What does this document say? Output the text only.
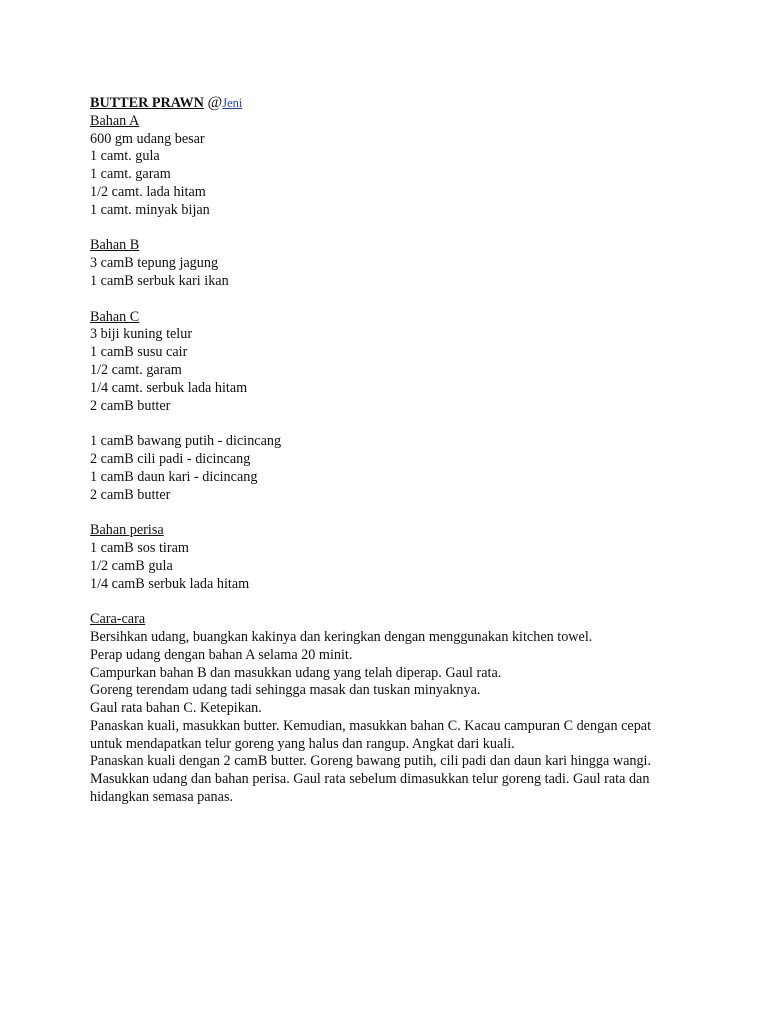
BUTTER PRAWN @Jeni
Bahan A
600 gm udang besar
1 camt. gula
1 camt. garam
1/2 camt. lada hitam
1 camt. minyak bijan
Bahan B
3 camB tepung jagung
1 camB serbuk kari ikan
Bahan C
3 biji kuning telur
1 camB susu cair
1/2 camt. garam
1/4 camt. serbuk lada hitam
2 camB butter
1 camB bawang putih - dicincang
2 camB cili padi - dicincang
1 camB daun kari - dicincang
2 camB butter
Bahan perisa
1 camB sos tiram
1/2 camB gula
1/4 camB serbuk lada hitam
Cara-cara
Bersihkan udang, buangkan kakinya dan keringkan dengan menggunakan kitchen towel.
Perap udang dengan bahan A selama 20 minit.
Campurkan bahan B dan masukkan udang yang telah diperap. Gaul rata.
Goreng terendam udang tadi sehingga masak dan tuskan minyaknya.
Gaul rata bahan C. Ketepikan.
Panaskan kuali, masukkan butter. Kemudian, masukkan bahan C. Kacau campuran C dengan cepat untuk mendapatkan telur goreng yang halus dan rangup. Angkat dari kuali.
Panaskan kuali dengan 2 camB butter. Goreng bawang putih, cili padi dan daun kari hingga wangi. Masukkan udang dan bahan perisa. Gaul rata sebelum dimasukkan telur goreng tadi. Gaul rata dan hidangkan semasa panas.
